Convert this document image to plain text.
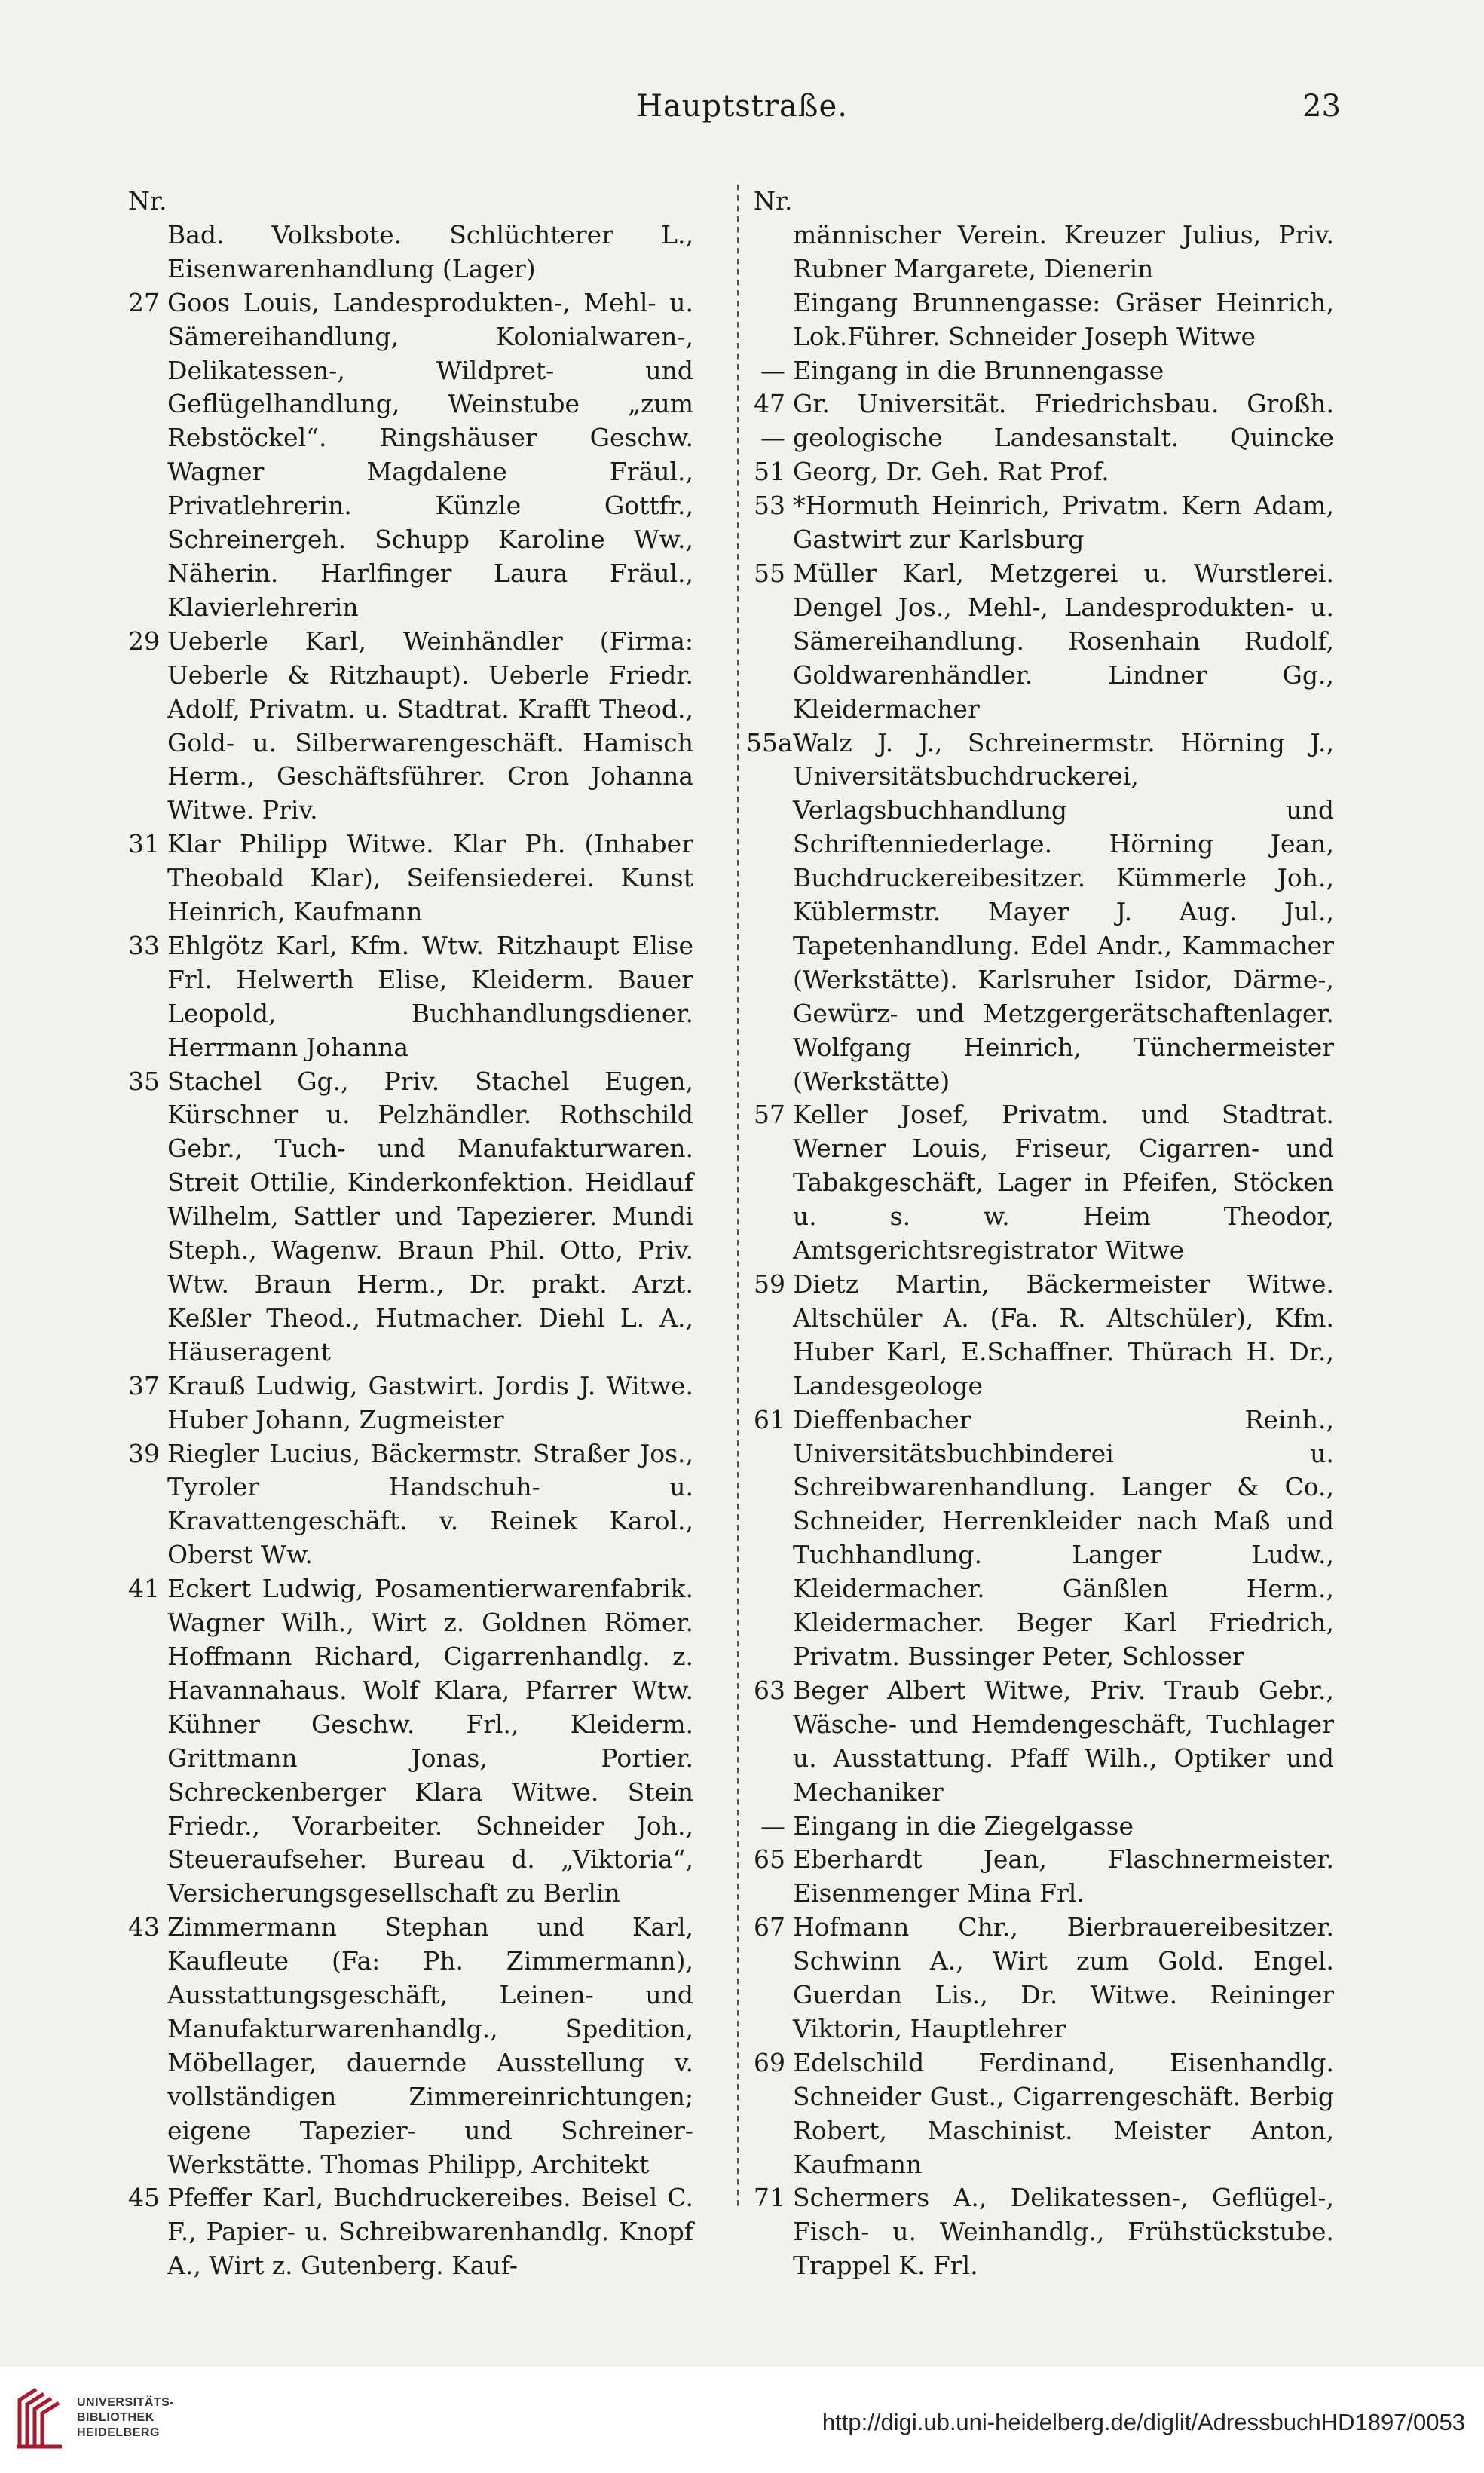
Hauptstraße.	23
Nr.
Bad. Volksbote. Schlüchterer L., Eisenwarenhandlung (Lager)
27 Goos Louis, Landesprodukten-, Mehl- u. Sämereihandlung, Kolonialwaren-, Delikatessen-, Wildpret- und Geflügelhandlung, Weinstube „zum Rebstöckel“. Ringshäuser Geschw. Wagner Magdalene Fräul., Privatlehrerin. Künzle Gottfr., Schreinergeh. Schupp Karoline Ww., Näherin. Harlfinger Laura Fräul., Klavierlehrerin
29 Ueberle Karl, Weinhändler (Firma: Ueberle & Ritzhaupt). Ueberle Friedr. Adolf, Privatm. u. Stadtrat. Krafft Theod., Gold- u. Silberwarengeschäft. Hamisch Herm., Geschäftsführer. Cron Johanna Witwe. Priv.
31 Klar Philipp Witwe. Klar Ph. (Inhaber Theobald Klar), Seifensiederei. Kunst Heinrich, Kaufmann
33 Ehlgötz Karl, Kfm. Wtw. Ritzhaupt Elise Frl. Helwerth Elise, Kleiderm. Bauer Leopold, Buchhandlungsdiener. Herrmann Johanna
35 Stachel Gg., Priv. Stachel Eugen, Kürschner u. Pelzhändler. Rothschild Gebr., Tuch- und Manufakturwaren. Streit Ottilie, Kinderkonfektion. Heidlauf Wilhelm, Sattler und Tapezierer. Mundi Steph., Wagenw. Braun Phil. Otto, Priv. Wtw. Braun Herm., Dr. prakt. Arzt. Keßler Theod., Hutmacher. Diehl L. A., Häuseragent
37 Krauß Ludwig, Gastwirt. Jordis J. Witwe. Huber Johann, Zugmeister
39 Riegler Lucius, Bäckermstr. Straßer Jos., Tyroler Handschuh- u. Kravattengeschäft. v. Reinek Karol., Oberst Ww.
41 Eckert Ludwig, Posamentierwarenfabrik. Wagner Wilh., Wirt z. Goldnen Römer. Hoffmann Richard, Cigarrenhandlg. z. Havannahaus. Wolf Klara, Pfarrer Wtw. Kühner Geschw. Frl., Kleiderm. Grittmann Jonas, Portier. Schreckenberger Klara Witwe. Stein Friedr., Vorarbeiter. Schneider Joh., Steueraufseher. Bureau d. „Viktoria“, Versicherungsgesellschaft zu Berlin
43 Zimmermann Stephan und Karl, Kaufleute (Fa: Ph. Zimmermann), Ausstattungsgeschäft, Leinen- und Manufakturwarenhandlg., Spedition, Möbellager, dauernde Ausstellung v. vollständigen Zimmereinrichtungen; eigene Tapezier- und Schreiner-Werkstätte. Thomas Philipp, Architekt
45 Pfeffer Karl, Buchdruckereibes. Beisel C. F., Papier- u. Schreibwarenhandlg. Knopf A., Wirt z. Gutenberg. Kauf-
Nr.
männischer Verein. Kreuzer Julius, Priv. Rubner Margarete, Dienerin
Eingang Brunnengasse: Gräser Heinrich, Lok.Führer. Schneider Joseph Witwe
— Eingang in die Brunnengasse
47—51
Gr. Universität. Friedrichsbau. Großh. geologische Landesanstalt. Quincke Georg, Dr. Geh. Rat Prof.
53 *Hormuth Heinrich, Privatm. Kern Adam, Gastwirt zur Karlsburg
55 Müller Karl, Metzgerei u. Wurstlerei. Dengel Jos., Mehl-, Landesprodukten- u. Sämereihandlung. Rosenhain Rudolf, Goldwarenhändler. Lindner Gg., Kleidermacher
55a Walz J. J., Schreinermstr. Hörning J., Universitätsbuchdruckerei, Verlagsbuchhandlung und Schriftenniederlage. Hörning Jean, Buchdruckereibesitzer. Kümmerle Joh., Küblermstr. Mayer J. Aug. Jul., Tapetenhandlung. Edel Andr., Kammacher (Werkstätte). Karlsruher Isidor, Därme-, Gewürz- und Metzgergerätschaftenlager. Wolfgang Heinrich, Tünchermeister (Werkstätte)
57 Keller Josef, Privatm. und Stadtrat. Werner Louis, Friseur, Cigarren- und Tabakgeschäft, Lager in Pfeifen, Stöcken u. s. w. Heim Theodor, Amtsgerichtsregistrator Witwe
59 Dietz Martin, Bäckermeister Witwe. Altschüler A. (Fa. R. Altschüler), Kfm. Huber Karl, E.Schaffner. Thürach H. Dr., Landesgeologe
61 Dieffenbacher Reinh., Universitätsbuchbinderei u. Schreibwarenhandlung. Langer & Co., Schneider, Herrenkleider nach Maß und Tuchhandlung. Langer Ludw., Kleidermacher. Gänßlen Herm., Kleidermacher. Beger Karl Friedrich, Privatm. Bussinger Peter, Schlosser
63 Beger Albert Witwe, Priv. Traub Gebr., Wäsche- und Hemdengeschäft, Tuchlager u. Ausstattung. Pfaff Wilh., Optiker und Mechaniker
— Eingang in die Ziegelgasse
65 Eberhardt Jean, Flaschnermeister. Eisenmenger Mina Frl.
67 Hofmann Chr., Bierbrauereibesitzer. Schwinn A., Wirt zum Gold. Engel. Guerdan Lis., Dr. Witwe. Reininger Viktorin, Hauptlehrer
69 Edelschild Ferdinand, Eisenhandlg. Schneider Gust., Cigarrengeschäft. Berbig Robert, Maschinist. Meister Anton, Kaufmann
71 Schermers A., Delikatessen-, Geflügel-, Fisch- u. Weinhandlg., Frühstückstube. Trappel K. Frl.
UNIVERSITÄTS-
BIBLIOTHEK
HEIDELBERG	http://digi.ub.uni-heidelberg.de/diglit/AdressbuchHD1897/0053
